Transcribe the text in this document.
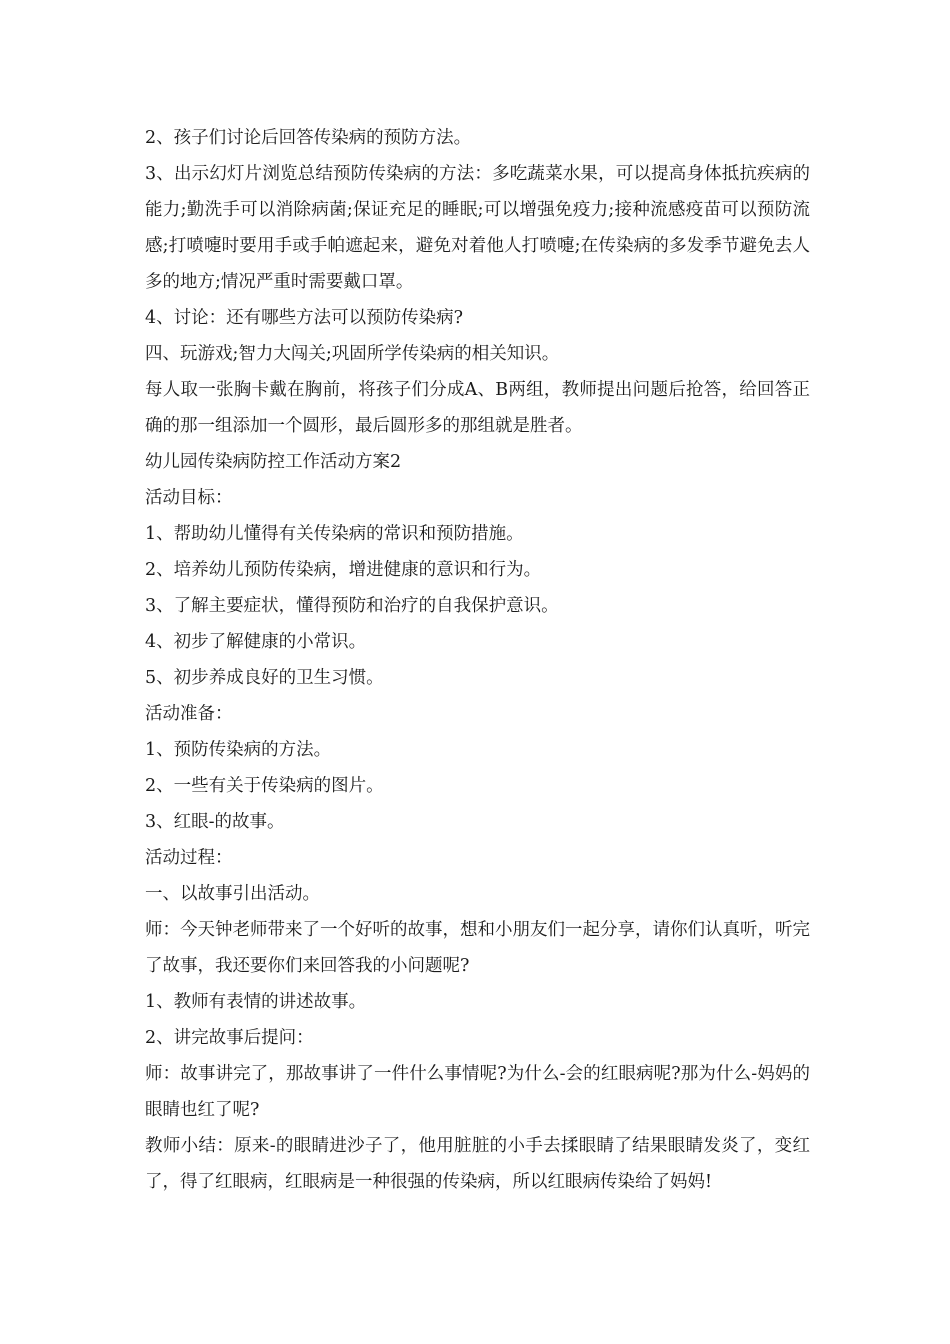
2、孩子们讨论后回答传染病的预防方法。

3、出示幻灯片浏览总结预防传染病的方法：多吃蔬菜水果，可以提高身体抵抗疾病的能力;勤洗手可以消除病菌;保证充足的睡眠;可以增强免疫力;接种流感疫苗可以预防流感;打喷嚏时要用手或手帕遮起来，避免对着他人打喷嚏;在传染病的多发季节避免去人多的地方;情况严重时需要戴口罩。

4、讨论：还有哪些方法可以预防传染病?

四、玩游戏;智力大闯关;巩固所学传染病的相关知识。

每人取一张胸卡戴在胸前，将孩子们分成A、B两组，教师提出问题后抢答，给回答正确的那一组添加一个圆形，最后圆形多的那组就是胜者。

幼儿园传染病防控工作活动方案2

活动目标：

1、帮助幼儿懂得有关传染病的常识和预防措施。

2、培养幼儿预防传染病，增进健康的意识和行为。

3、了解主要症状，懂得预防和治疗的自我保护意识。

4、初步了解健康的小常识。

5、初步养成良好的卫生习惯。

活动准备：

1、预防传染病的方法。

2、一些有关于传染病的图片。

3、红眼-的故事。

活动过程：

一、以故事引出活动。

师：今天钟老师带来了一个好听的故事，想和小朋友们一起分享，请你们认真听，听完了故事，我还要你们来回答我的小问题呢?

1、教师有表情的讲述故事。

2、讲完故事后提问：

师：故事讲完了，那故事讲了一件什么事情呢?为什么-会的红眼病呢?那为什么-妈妈的眼睛也红了呢?

教师小结：原来-的眼睛进沙子了，他用脏脏的小手去揉眼睛了结果眼睛发炎了，变红了，得了红眼病，红眼病是一种很强的传染病，所以红眼病传染给了妈妈!
